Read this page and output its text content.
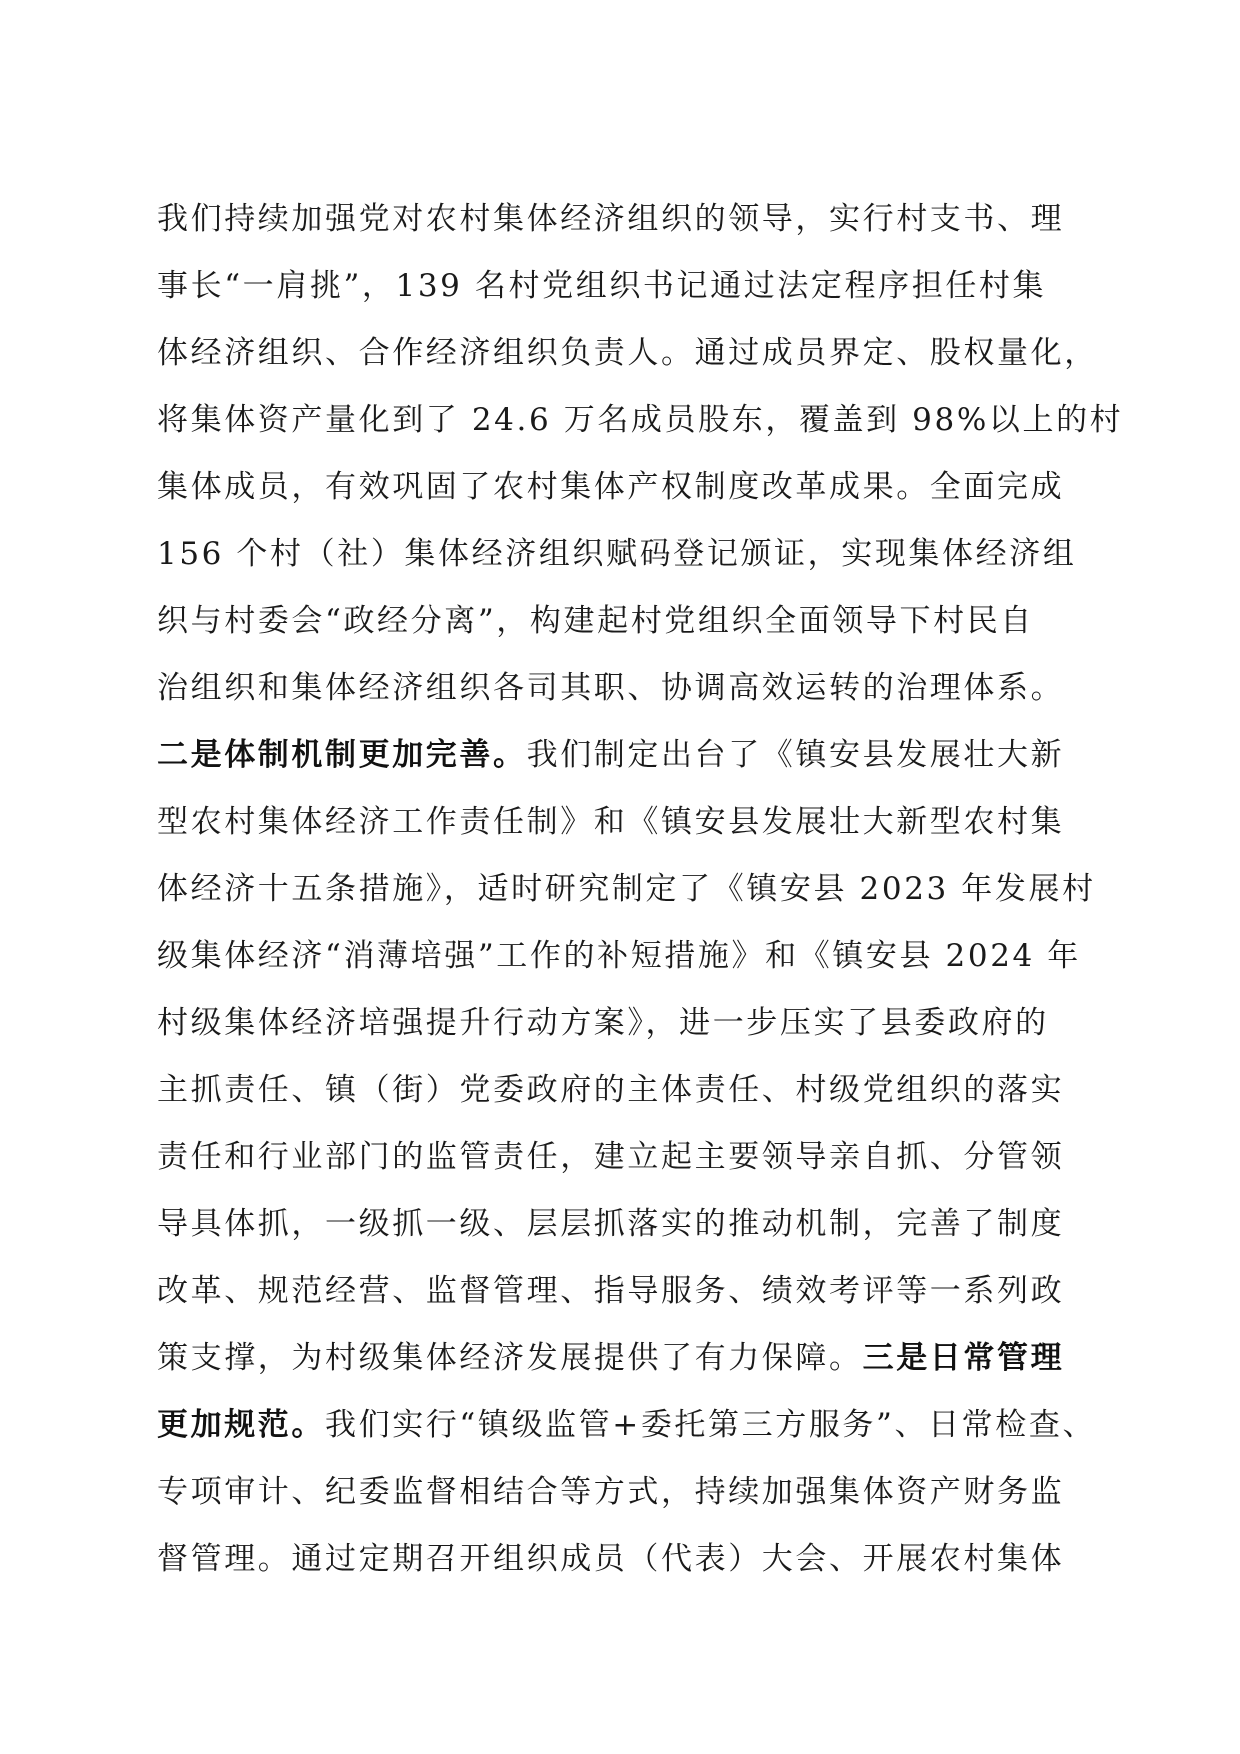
我们持续加强党对农村集体经济组织的领导，实行村支书、理
事长“一肩挑”，139 名村党组织书记通过法定程序担任村集
体经济组织、合作经济组织负责人。通过成员界定、股权量化，
将集体资产量化到了 24.6 万名成员股东，覆盖到 98%以上的村
集体成员，有效巩固了农村集体产权制度改革成果。全面完成
156 个村（社）集体经济组织赋码登记颁证，实现集体经济组
织与村委会“政经分离”，构建起村党组织全面领导下村民自
治组织和集体经济组织各司其职、协调高效运转的治理体系。
二是体制机制更加完善。我们制定出台了《镇安县发展壮大新
型农村集体经济工作责任制》和《镇安县发展壮大新型农村集
体经济十五条措施》，适时研究制定了《镇安县 2023 年发展村
级集体经济“消薄培强”工作的补短措施》和《镇安县 2024 年
村级集体经济培强提升行动方案》，进一步压实了县委政府的
主抓责任、镇（街）党委政府的主体责任、村级党组织的落实
责任和行业部门的监管责任，建立起主要领导亲自抓、分管领
导具体抓，一级抓一级、层层抓落实的推动机制，完善了制度
改革、规范经营、监督管理、指导服务、绩效考评等一系列政
策支撑，为村级集体经济发展提供了有力保障。三是日常管理
更加规范。我们实行“镇级监管+委托第三方服务”、日常检查、
专项审计、纪委监督相结合等方式，持续加强集体资产财务监
督管理。通过定期召开组织成员（代表）大会、开展农村集体
